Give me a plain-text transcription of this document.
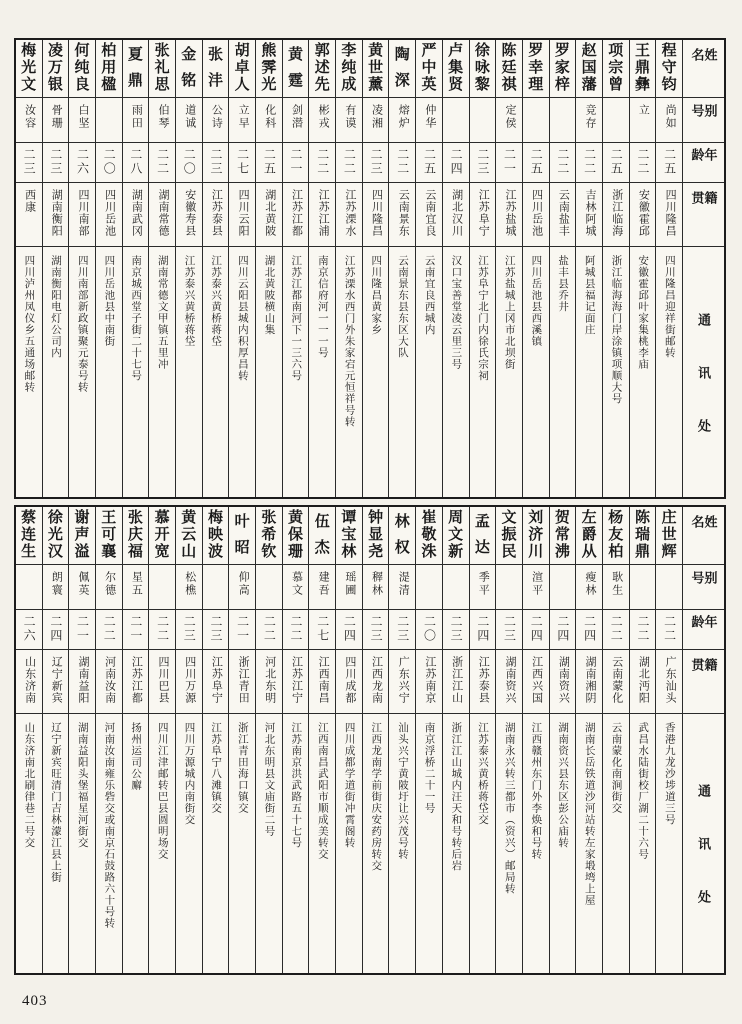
姓名
别号
年龄
籍贯
通讯处
程
守
钧
尚如
二五
四川隆昌
四川隆昌迎祥街邮转
王
鼎
彝
立
二二
安徽霍邱
安徽霍邱叶家集桃李庙
项
宗
曾
二五
浙江临海
浙江临海海门岸涂镇项顺大号
赵
国
藩
竞存
二二
吉林阿城
阿城县福记面庄
罗
家
梓
二二
云南盐丰
盐丰县乔井
罗
幸
理
二五
四川岳池
四川岳池县西溪镇
陈
廷
祺
定侯
二一
江苏盐城
江苏盐城上冈市北坝街
徐
咏
黎
二三
江苏阜宁
江苏阜宁北门内徐氏宗祠
卢
集
贤
二四
湖北汉川
汉口宝善堂凌云里三号
严
中
英
仲华
二五
云南宜良
云南宜良西城内
陶
深
熔炉
二二
云南景东
云南景东县东区大队
黄
世
薰
凌湘
二三
四川隆昌
四川隆昌黄家乡
李
纯
成
有谟
二二
江苏溧水
江苏溧水西门外朱家宕元恒祥号转
郭
述
先
彬戎
二二
江苏江浦
南京信府河一一一号
黄
霆
剑潜
二一
江苏江都
江苏江都南河下一三六号
熊
霁
光
化科
二五
湖北黄陂
湖北黄陂横山集
胡
卓
人
立早
二七
四川云阳
四川云阳县城内积厚昌转
张
沣
公诗
二三
江苏泰县
江苏泰兴黄桥蒋垈
金
铭
道诚
二〇
安徽寿县
江苏泰兴黄桥蒋垈
张
礼
思
伯琴
二二
湖南常德
湖南常德文甲镇五里冲
夏
鼎
雨田
二八
湖南武冈
南京城西堂子街二十七号
柏
用
楹
二〇
四川岳池
四川岳池县中南街
何
纯
良
白坚
二六
四川南部
四川南部新政镇聚元泰号转
凌
万
银
骨珊
二三
湖南衡阳
湖南衡阳电灯公司内
梅
光
文
汝容
二三
西康
四川泸州凤仪乡五通场邮转
姓名
别号
年龄
籍贯
通讯处
庄
世
辉
二二
广东汕头
香港九龙沙埗道三号
陈
瑞
鼎
二二
湖北沔阳
武昌水陆街校厂湖二十六号
杨
友
柏
耿生
二二
云南蒙化
云南蒙化南涧街交
左
爵
从
瘦林
二四
湖南湘阴
湖南长岳铁道沙河站转左家塅塆上屋
贺
常
沸
二四
湖南资兴
湖南资兴县东区彭公庙转
刘
济
川
渲平
二四
江西兴国
江西赣州东门外李焕和号转
文
振
民
二三
湖南资兴
湖南永兴转三都市（资兴）邮局转
孟
达
季平
二四
江苏泰县
江苏泰兴黄桥蒋垈交
周
文
新
二三
浙江江山
浙江江山城内汪天和号转后岩
崔
敬
洙
二〇
江苏南京
南京浮桥二十一号
林
权
湜清
二三
广东兴宁
汕头兴宁黄陂圩让兴茂号转
钟
显
尧
稺林
二三
江西龙南
江西龙南学前街庆安药房转交
谭
宝
林
瑶圃
二四
四川成都
四川成都学道街冲霄阁转
伍
杰
建吾
二七
江西南昌
江西南昌武阳市顺成美转交
黄
保
珊
慕文
二二
江苏江宁
江苏南京洪武路五十七号
张
希
钦
二二
河北东明
河北东明县文庙街二号
叶
昭
仰高
二一
浙江青田
浙江青田海口镇交
梅
映
波
二三
江苏阜宁
江苏阜宁八滩镇交
黄
云
山
松樵
二三
四川万源
四川万源城内南街交
慕
开
宽
二二
四川巴县
四川江津邮转巴县圆明场交
张
庆
福
星五
二一
江苏江都
扬州运司公廨
王
可
襄
尔德
二二
河南汝南
河南汝南雍乐砦交或南京石鼓路六十号转
谢
声
溢
佩英
二一
湖南益阳
湖南益阳头堡福星河街交
徐
光
汉
朗寰
二四
辽宁新宾
辽宁新宾旺清门吉林濛江县上街
蔡
连
生
二六
山东济南
山东济南北刷律巷二号交
403
